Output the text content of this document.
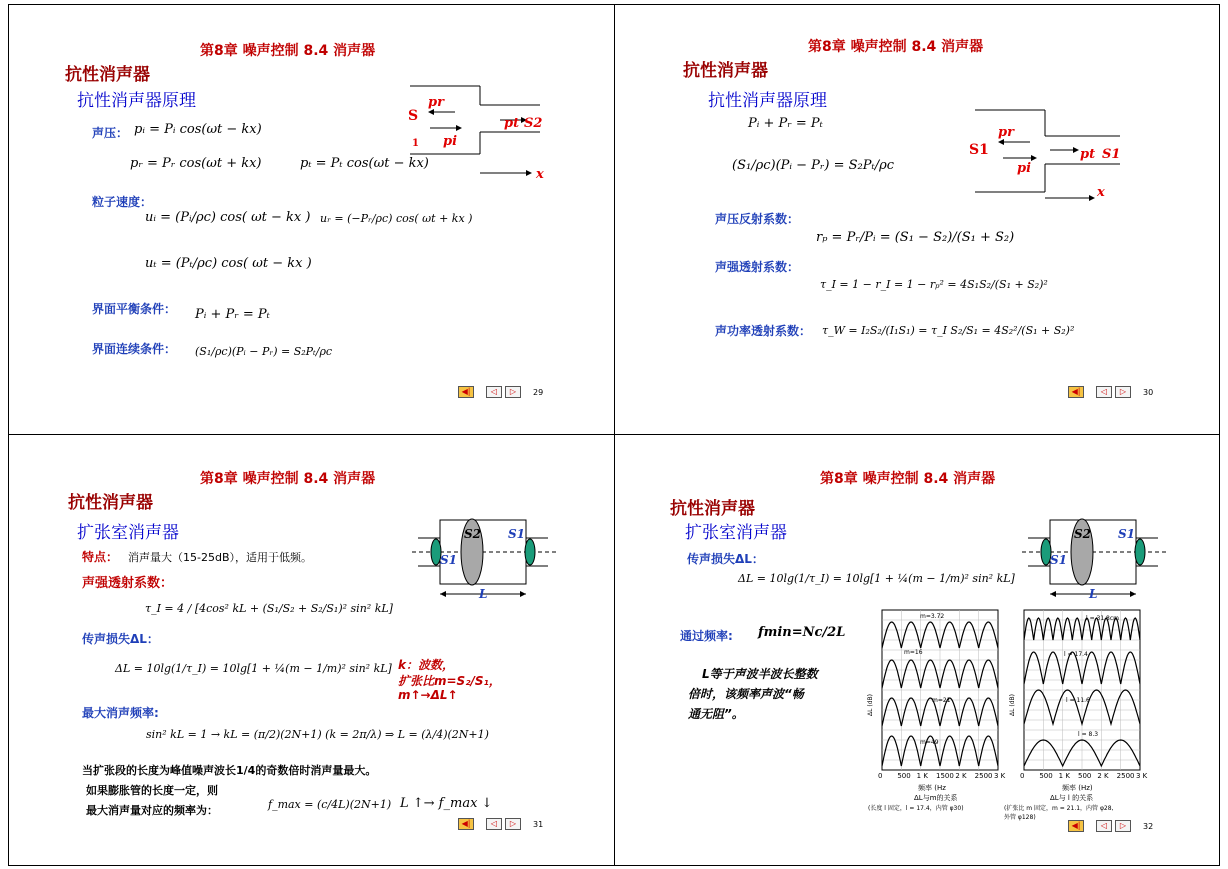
第8章 噪声控制 8.4 消声器
抗性消声器
抗性消声器原理
声压： pᵢ = Pᵢ cos(ωt − kx)
pᵣ = Pᵣ cos(ωt + kx)	pₜ = Pₜ cos(ωt − kx)
粒子速度：
uᵢ = (Pᵢ/ρc) cos( ωt − kx ) uᵣ = (−Pᵣ/ρc) cos( ωt + kx )
uₜ = (Pₜ/ρc) cos( ωt − kx )
界面平衡条件： Pᵢ + Pᵣ = Pₜ
界面连续条件： (S₁/ρc)(Pᵢ − Pᵣ) = S₂Pₜ/ρc
S
1
pr
pi
pt S2
x
◀|	◁	▷	29
第8章 噪声控制 8.4 消声器
抗性消声器
抗性消声器原理
Pᵢ + Pᵣ = Pₜ
(S₁/ρc)(Pᵢ − Pᵣ) = S₂Pₜ/ρc
声压反射系数：
rₚ = Pᵣ/Pᵢ = (S₁ − S₂)/(S₁ + S₂)
声强透射系数：
τ_I = 1 − r_I = 1 − rₚ² = 4S₁S₂/(S₁ + S₂)²
声功率透射系数： τ_W = I₂S₂/(I₁S₁) = τ_I S₂/S₁ = 4S₂²/(S₁ + S₂)²
S1
pr
pi
pt S1
x
◀|	◁	▷	30
第8章 噪声控制 8.4 消声器
抗性消声器
扩张室消声器
特点： 消声量大（15-25dB），适用于低频。
声强透射系数：
τ_I = 4 / [4cos² kL + (S₁/S₂ + S₂/S₁)² sin² kL]
传声损失ΔL：
ΔL = 10lg(1/τ_I) = 10lg[1 + ¼(m − 1/m)² sin² kL] k：波数，
扩张比m=S₂/S₁，
m↑→ΔL↑
最大消声频率:
sin² kL = 1 → kL = (π/2)(2N+1) (k = 2π/λ) ⇒ L = (λ/4)(2N+1)
当扩张段的长度为峰值噪声波长1/4的奇数倍时消声量最大。
如果膨胀管的长度一定，则
最大消声量对应的频率为：	f_max = (c/4L)(2N+1) L ↑→ f_max ↓
S2 S1
S1
L
◀|	◁	▷	31
第8章 噪声控制 8.4 消声器
抗性消声器
扩张室消声器
传声损失ΔL：
ΔL = 10lg(1/τ_I) = 10lg[1 + ¼(m − 1/m)² sin² kL]
通过频率: fmin=Nc/2L
L等于声波半波长整数
倍时，该频率声波“畅
通无阻”。
S2 S1
S1
L
0 500 1 K 1500 2 K 2500 3 K
m=3.72
m=16
m=21
m=49
ΔL (dB)
频率 (Hz
ΔL与m的关系
(长度 l 固定，l = 17.4，内管 φ30)
0 500 1 K 500 2 K 2500 3 K
l = 31.8cm
l = 17.4
l = 11.6
l = 8.3
ΔL (dB)
频率 (Hz)
ΔL与 l 的关系
(扩张比 m 固定，m = 21.1，内管 φ28,
外管 φ128)
◀|	◁	▷	32
